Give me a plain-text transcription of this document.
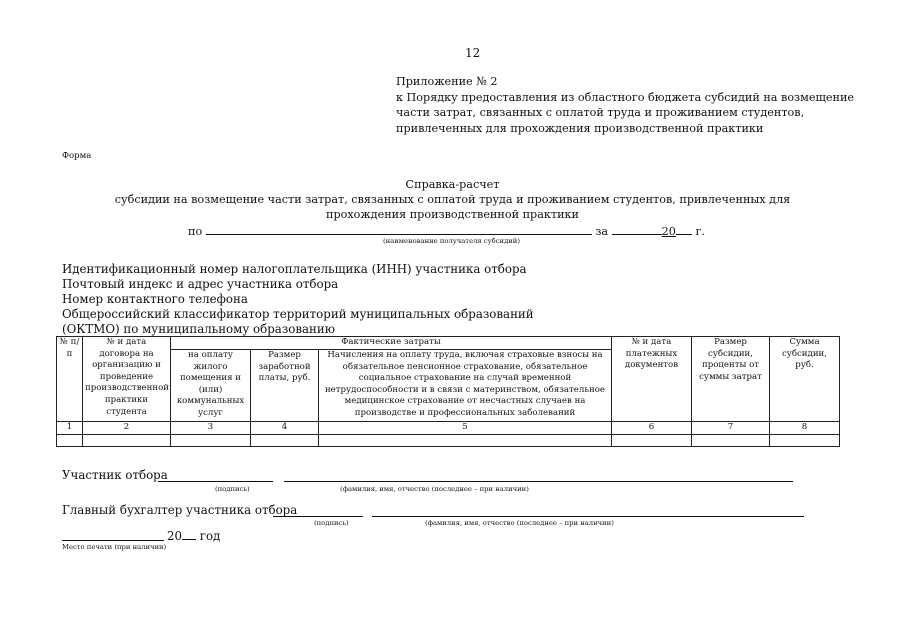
12
Приложение № 2
к Порядку предоставления из областного бюджета субсидий на возмещение
части затрат, связанных с оплатой труда и проживанием студентов,
привлеченных для прохождения производственной практики
Форма
Справка-расчет
субсидии на возмещение части затрат, связанных с оплатой труда и проживанием студентов, привлеченных для прохождения производственной практики
по	за	20 г.
(наименование получателя субсидий)
Идентификационный номер налогоплательщика (ИНН) участника отбора
Почтовый индекс и адрес участника отбора
Номер контактного телефона
Общероссийский классификатор территорий муниципальных образований
(ОКТМО) по муниципальному образованию
№ п/п	№ и дата договора на организацию и проведение производственной практики студента	Фактические затраты			№ и дата платежных документов	Размер субсидии, проценты от суммы затрат	Сумма субсидии, руб.
		на оплату жилого помещения и (или) коммунальных услуг	Размер заработной платы, руб.	Начисления на оплату труда, включая страховые взносы на обязательное пенсионное страхование, обязательное социальное страхование на случай временной нетрудоспособности и в связи с материнством, обязательное медицинское страхование от несчастных случаев на производстве и профессиональных заболеваний			
1	2	3	4	5	6	7	8

Участник отбора
(подпись)	(фамилия, имя, отчество (последнее – при наличии)
Главный бухгалтер участника отбора
(подпись)	(фамилия, имя, отчество (последнее – при наличии)
20 год
Место печати (при наличии)
